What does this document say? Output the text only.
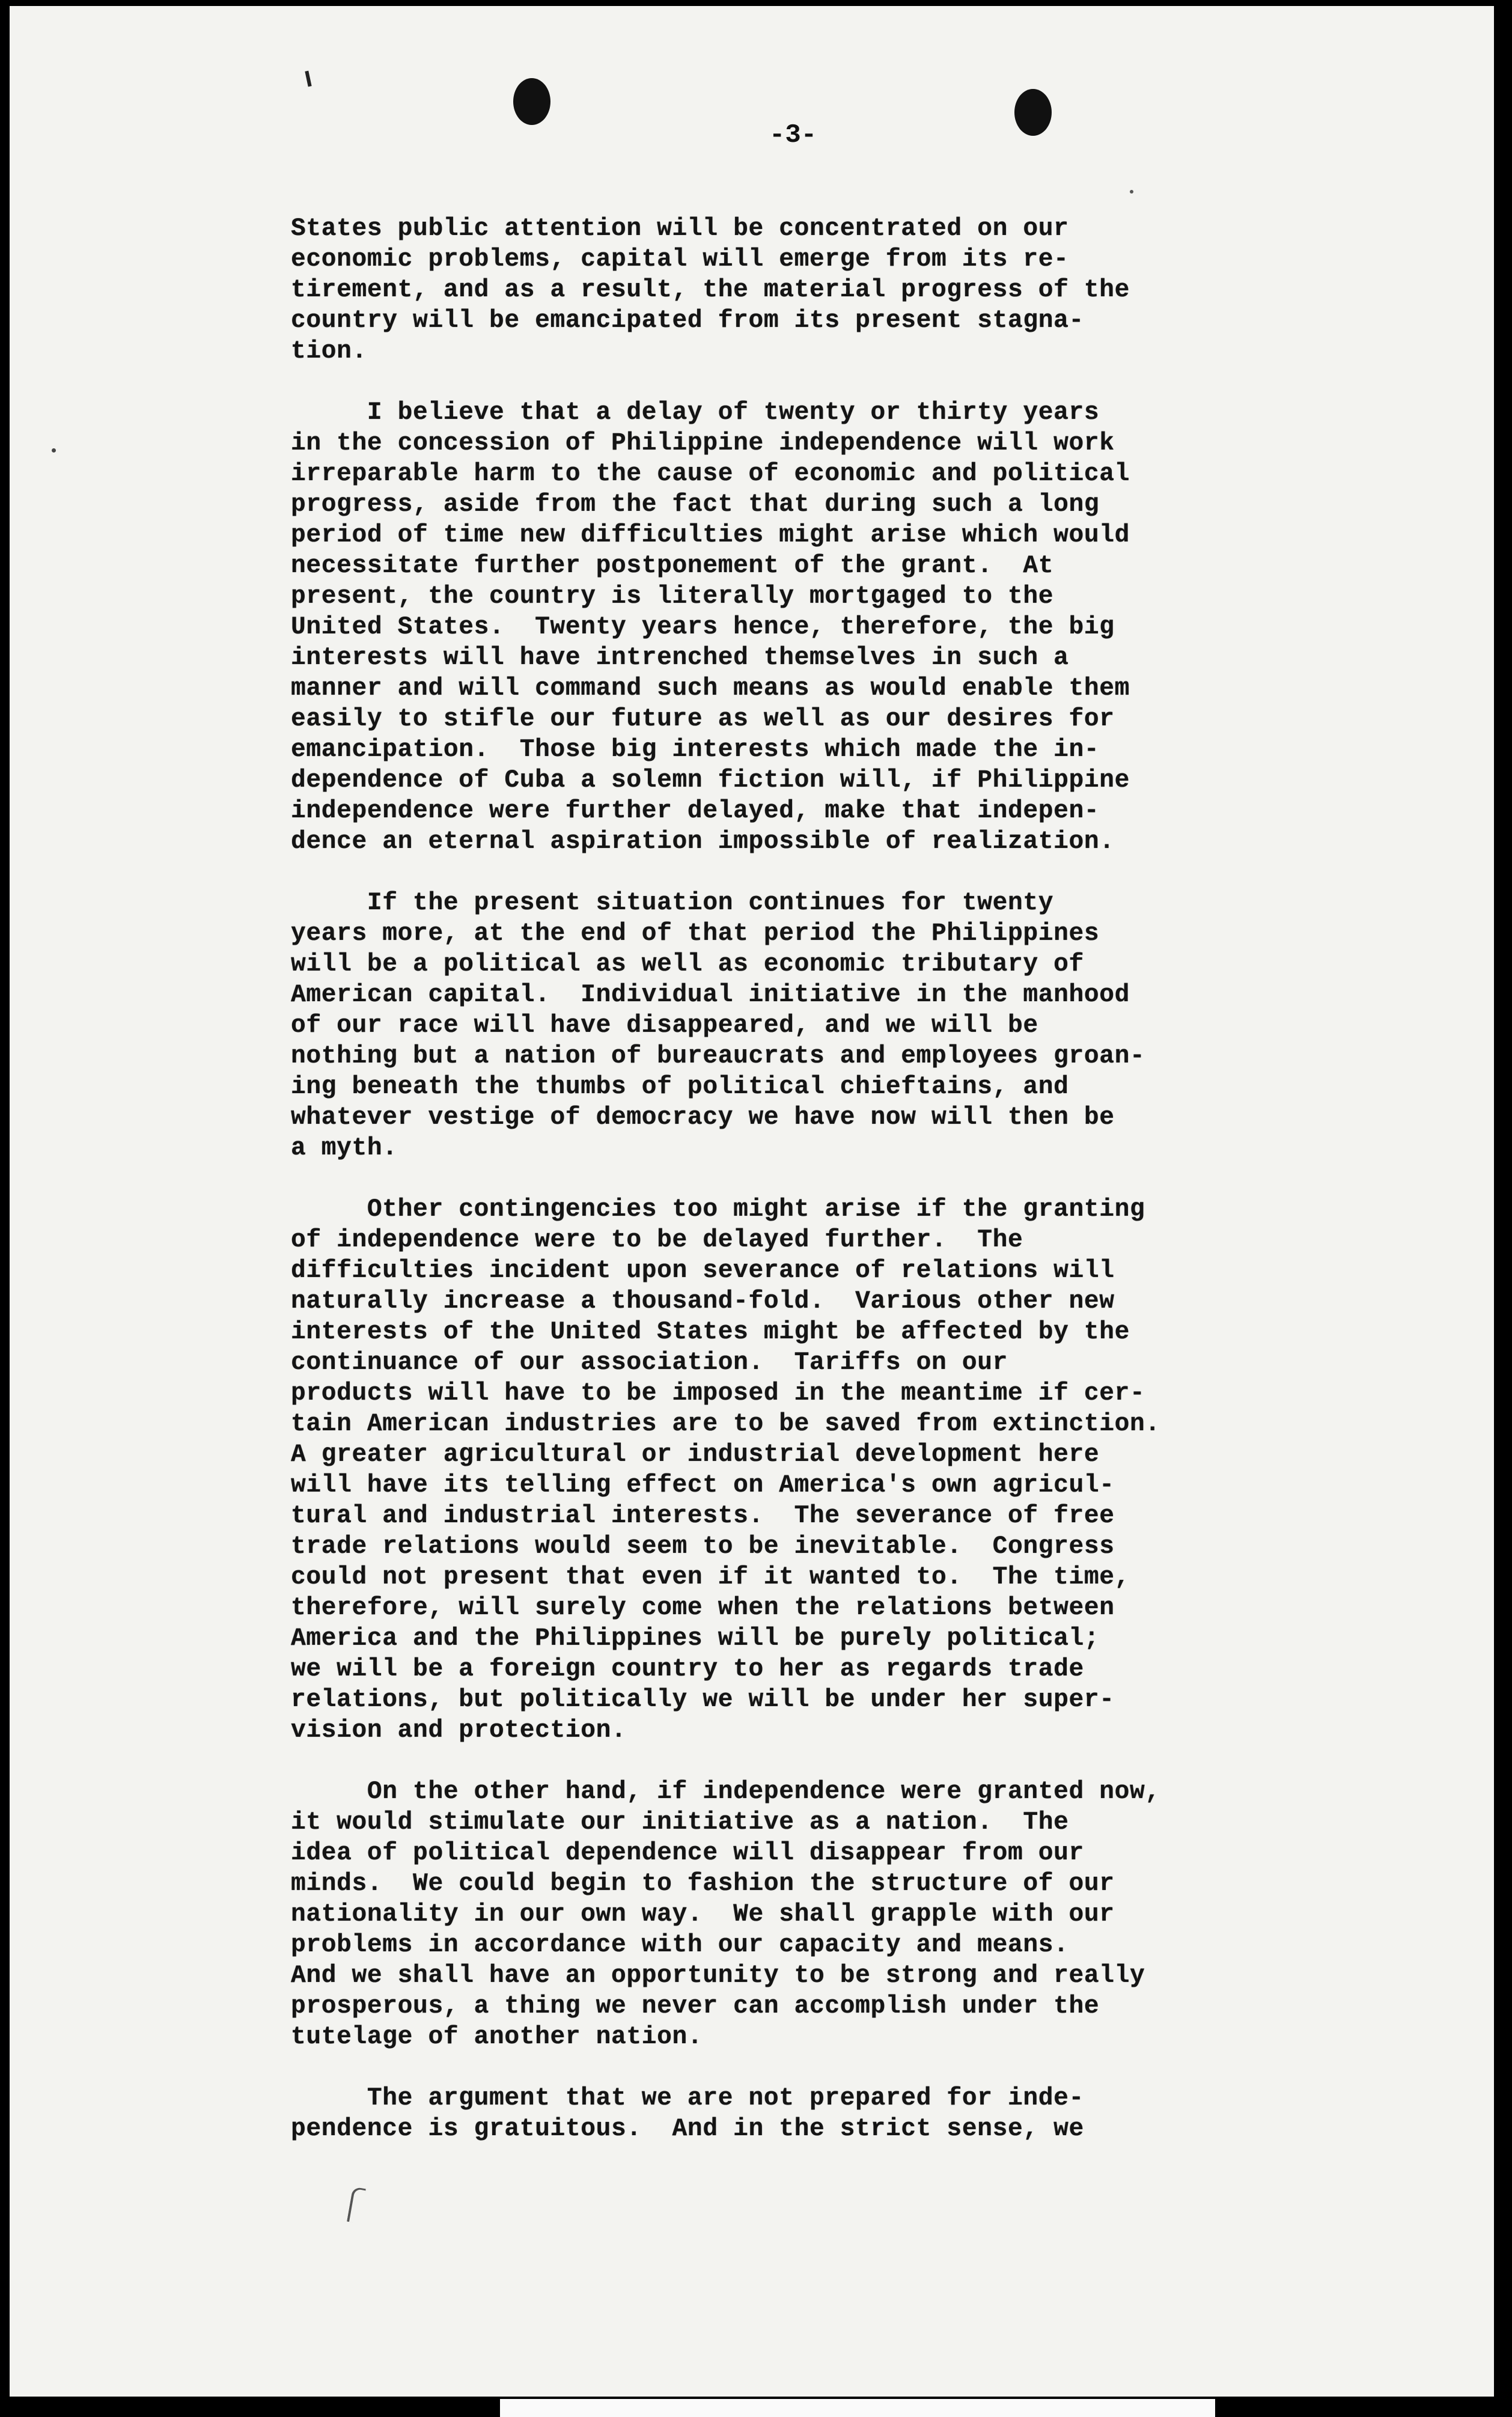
-3-
States public attention will be concentrated on our
economic problems, capital will emerge from its re-
tirement, and as a result, the material progress of the
country will be emancipated from its present stagna-
tion.
I believe that a delay of twenty or thirty years
in the concession of Philippine independence will work
irreparable harm to the cause of economic and political
progress, aside from the fact that during such a long
period of time new difficulties might arise which would
necessitate further postponement of the grant.  At
present, the country is literally mortgaged to the
United States.  Twenty years hence, therefore, the big
interests will have intrenched themselves in such a
manner and will command such means as would enable them
easily to stifle our future as well as our desires for
emancipation.  Those big interests which made the in-
dependence of Cuba a solemn fiction will, if Philippine
independence were further delayed, make that indepen-
dence an eternal aspiration impossible of realization.
If the present situation continues for twenty
years more, at the end of that period the Philippines
will be a political as well as economic tributary of
American capital.  Individual initiative in the manhood
of our race will have disappeared, and we will be
nothing but a nation of bureaucrats and employees groan-
ing beneath the thumbs of political chieftains, and
whatever vestige of democracy we have now will then be
a myth.
Other contingencies too might arise if the granting
of independence were to be delayed further.  The
difficulties incident upon severance of relations will
naturally increase a thousand-fold.  Various other new
interests of the United States might be affected by the
continuance of our association.  Tariffs on our
products will have to be imposed in the meantime if cer-
tain American industries are to be saved from extinction.
A greater agricultural or industrial development here
will have its telling effect on America's own agricul-
tural and industrial interests.  The severance of free
trade relations would seem to be inevitable.  Congress
could not present that even if it wanted to.  The time,
therefore, will surely come when the relations between
America and the Philippines will be purely political;
we will be a foreign country to her as regards trade
relations, but politically we will be under her super-
vision and protection.
On the other hand, if independence were granted now,
it would stimulate our initiative as a nation.  The
idea of political dependence will disappear from our
minds.  We could begin to fashion the structure of our
nationality in our own way.  We shall grapple with our
problems in accordance with our capacity and means.
And we shall have an opportunity to be strong and really
prosperous, a thing we never can accomplish under the
tutelage of another nation.
The argument that we are not prepared for inde-
pendence is gratuitous.  And in the strict sense, we
